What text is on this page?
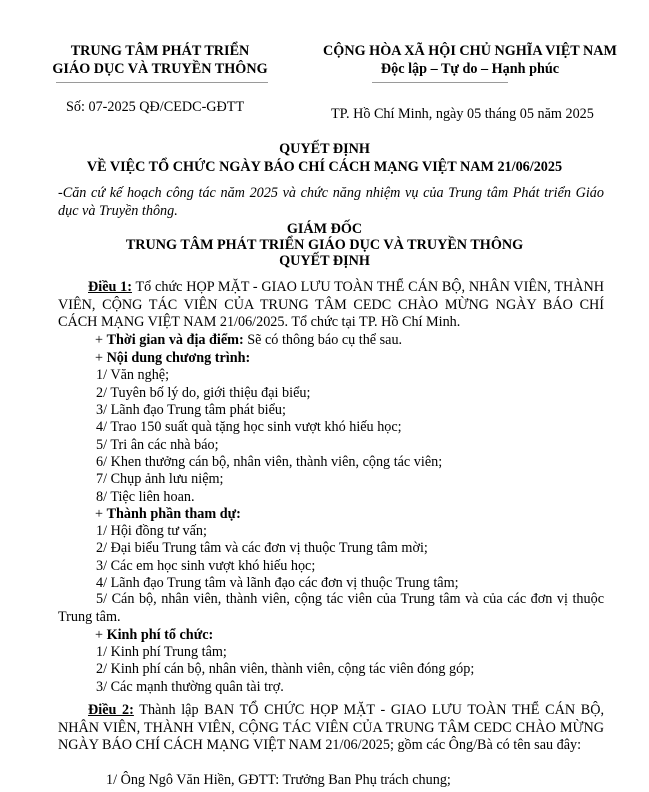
TRUNG TÂM PHÁT TRIỂN
GIÁO DỤC VÀ TRUYỀN THÔNG
Số: 07-2025 QĐ/CEDC-GĐTT
CỘNG HÒA XÃ HỘI CHỦ NGHĨA VIỆT NAM
Độc lập – Tự do – Hạnh phúc
TP. Hồ Chí Minh, ngày 05 tháng 05 năm 2025
QUYẾT ĐỊNH
VỀ VIỆC TỔ CHỨC NGÀY BÁO CHÍ CÁCH MẠNG VIỆT NAM 21/06/2025
-Căn cứ kế hoạch công tác năm 2025 và chức năng nhiệm vụ của Trung tâm Phát triển Giáo dục và Truyền thông.
GIÁM ĐỐC
TRUNG TÂM PHÁT TRIỂN GIÁO DỤC VÀ TRUYỀN THÔNG
QUYẾT ĐỊNH
Điều 1: Tổ chức HỌP MẶT - GIAO LƯU TOÀN THỂ CÁN BỘ, NHÂN VIÊN, THÀNH VIÊN, CỘNG TÁC VIÊN CỦA TRUNG TÂM CEDC CHÀO MỪNG NGÀY BÁO CHÍ CÁCH MẠNG VIỆT NAM 21/06/2025. Tổ chức tại TP. Hồ Chí Minh.
+ Thời gian và địa điểm: Sẽ có thông báo cụ thể sau.
+ Nội dung chương trình:
1/ Văn nghệ;
2/ Tuyên bố lý do, giới thiệu đại biểu;
3/ Lãnh đạo Trung tâm phát biểu;
4/ Trao 150 suất quà tặng học sinh vượt khó hiếu học;
5/ Tri ân các nhà báo;
6/ Khen thưởng cán bộ, nhân viên, thành viên, cộng tác viên;
7/ Chụp ảnh lưu niệm;
8/ Tiệc liên hoan.
+ Thành phần tham dự:
1/ Hội đồng tư vấn;
2/ Đại biểu Trung tâm và các đơn vị thuộc Trung tâm mời;
3/ Các em học sinh vượt khó hiếu học;
4/ Lãnh đạo Trung tâm và lãnh đạo các đơn vị thuộc Trung tâm;
5/ Cán bộ, nhân viên, thành viên, cộng tác viên của Trung tâm và của các đơn vị thuộc Trung tâm.
+ Kinh phí tổ chức:
1/ Kinh phí Trung tâm;
2/ Kinh phí cán bộ, nhân viên, thành viên, cộng tác viên đóng góp;
3/ Các mạnh thường quân tài trợ.
Điều 2: Thành lập BAN TỔ CHỨC HỌP MẶT - GIAO LƯU TOÀN THỂ CÁN BỘ, NHÂN VIÊN, THÀNH VIÊN, CỘNG TÁC VIÊN CỦA TRUNG TÂM CEDC CHÀO MỪNG NGÀY BÁO CHÍ CÁCH MẠNG VIỆT NAM 21/06/2025; gồm các Ông/Bà có tên sau đây:
1/ Ông Ngô Văn Hiền, GĐTT: Trưởng Ban Phụ trách chung;
